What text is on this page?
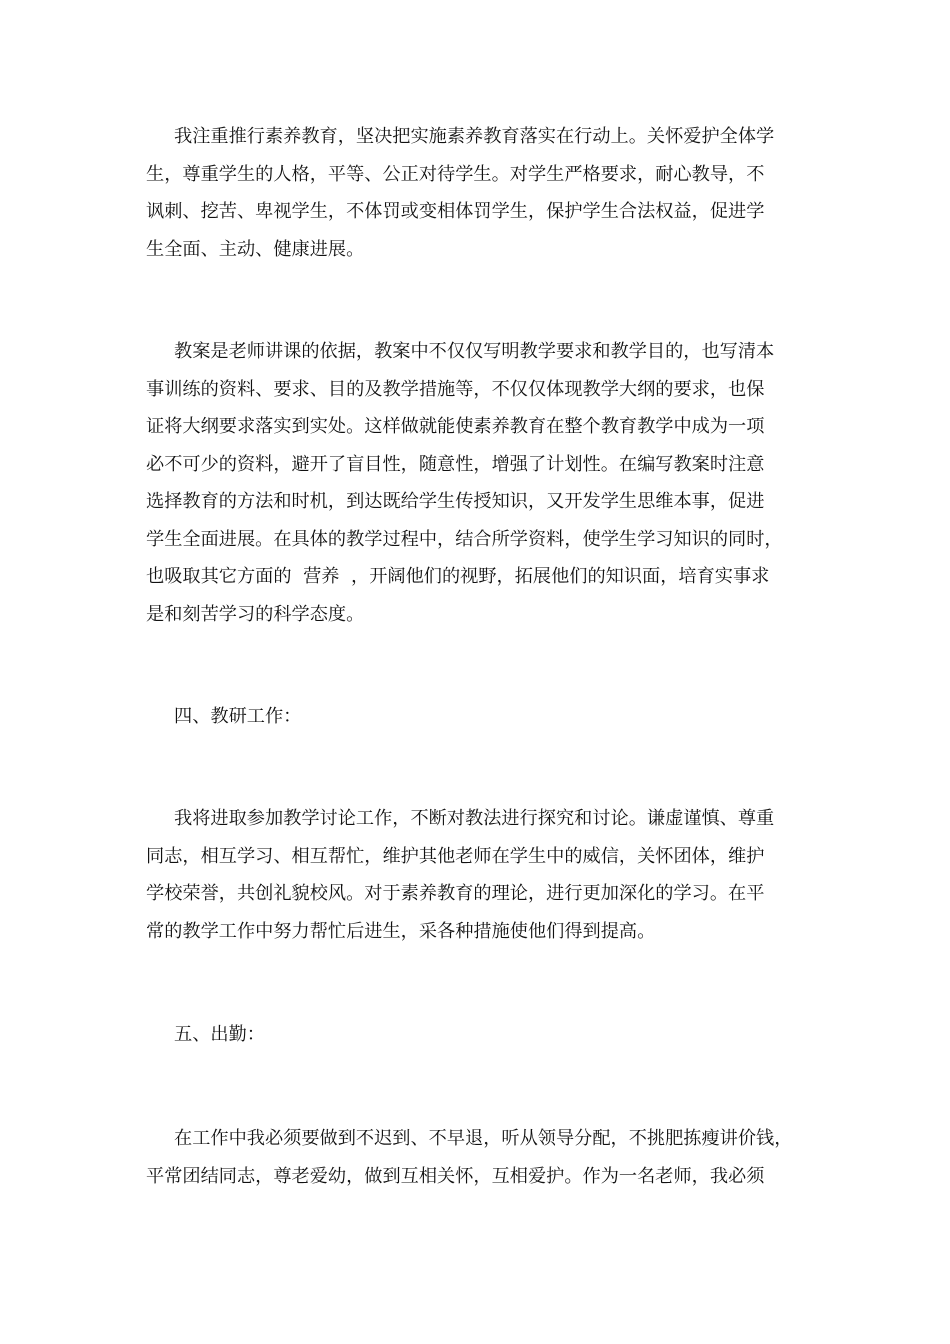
我注重推行素养教育，坚决把实施素养教育落实在行动上。关怀爱护全体学
生，尊重学生的人格，平等、公正对待学生。对学生严格要求，耐心教导，不
讽刺、挖苦、卑视学生，不体罚或变相体罚学生，保护学生合法权益，促进学
生全面、主动、健康进展。
教案是老师讲课的依据，教案中不仅仅写明教学要求和教学目的，也写清本
事训练的资料、要求、目的及教学措施等，不仅仅体现教学大纲的要求，也保
证将大纲要求落实到实处。这样做就能使素养教育在整个教育教学中成为一项
必不可少的资料，避开了盲目性，随意性，增强了计划性。在编写教案时注意
选择教育的方法和时机，到达既给学生传授知识，又开发学生思维本事，促进
学生全面进展。在具体的教学过程中，结合所学资料，使学生学习知识的同时，
也吸取其它方面的  营养  ，开阔他们的视野，拓展他们的知识面，培育实事求
是和刻苦学习的科学态度。
四、教研工作：
我将进取参加教学讨论工作，不断对教法进行探究和讨论。谦虚谨慎、尊重
同志，相互学习、相互帮忙，维护其他老师在学生中的威信，关怀团体，维护
学校荣誉，共创礼貌校风。对于素养教育的理论，进行更加深化的学习。在平
常的教学工作中努力帮忙后进生，采各种措施使他们得到提高。
五、出勤：
在工作中我必须要做到不迟到、不早退，听从领导分配，不挑肥拣瘦讲价钱，
平常团结同志，尊老爱幼，做到互相关怀，互相爱护。作为一名老师，我必须
